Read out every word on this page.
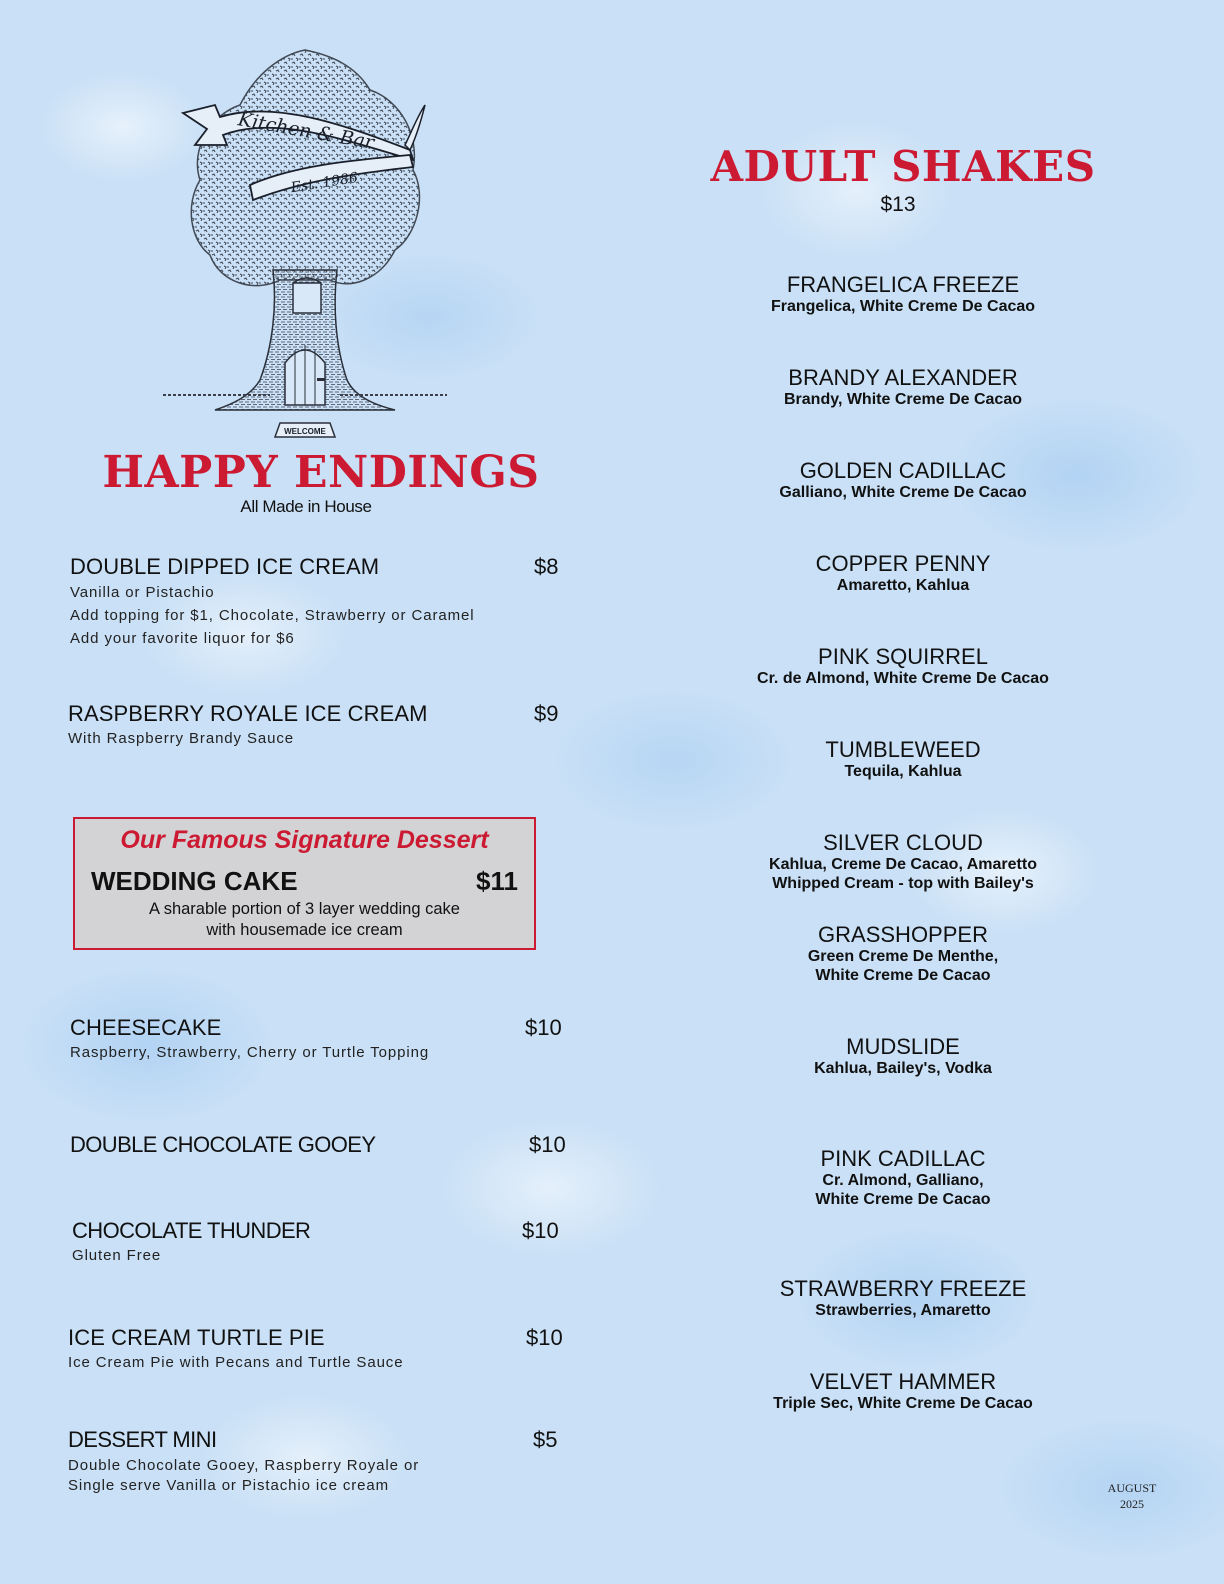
WELCOME
Kitchen & Bar
Est. 1986
HAPPY ENDINGS
All Made in House
DOUBLE DIPPED ICE CREAM	$8
Vanilla or Pistachio
Add topping for $1, Chocolate, Strawberry or Caramel
Add your favorite liquor for $6
RASPBERRY ROYALE ICE CREAM	$9
With Raspberry Brandy Sauce
Our Famous Signature Dessert
WEDDING CAKE	$11
A sharable portion of 3 layer wedding cake
with housemade ice cream
CHEESECAKE	$10
Raspberry, Strawberry, Cherry or Turtle Topping
DOUBLE CHOCOLATE GOOEY	$10
CHOCOLATE THUNDER	$10
Gluten Free
ICE CREAM TURTLE PIE	$10
Ice Cream Pie with Pecans and Turtle Sauce
DESSERT MINI	$5
Double Chocolate Gooey, Raspberry Royale or
Single serve Vanilla or Pistachio ice cream
ADULT SHAKES
$13
FRANGELICA FREEZE
Frangelica, White Creme De Cacao
BRANDY ALEXANDER
Brandy, White Creme De Cacao
GOLDEN CADILLAC
Galliano, White Creme De Cacao
COPPER PENNY
Amaretto, Kahlua
PINK SQUIRREL
Cr. de Almond, White Creme De Cacao
TUMBLEWEED
Tequila, Kahlua
SILVER CLOUD
Kahlua, Creme De Cacao, Amaretto
Whipped Cream - top with Bailey's
GRASSHOPPER
Green Creme De Menthe,
White Creme De Cacao
MUDSLIDE
Kahlua, Bailey's, Vodka
PINK CADILLAC
Cr. Almond, Galliano,
White Creme De Cacao
STRAWBERRY FREEZE
Strawberries, Amaretto
VELVET HAMMER
Triple Sec, White Creme De Cacao
AUGUST
2025
